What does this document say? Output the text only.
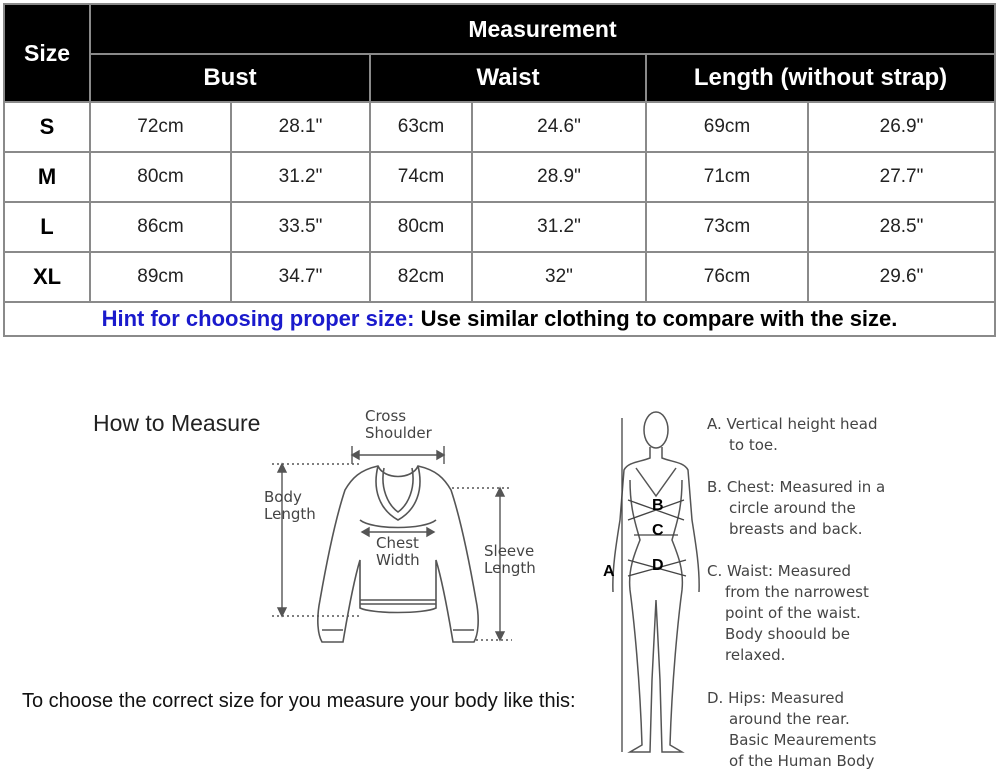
Size	Measurement					
	Bust		Waist		Length (without strap)	
S	72cm	28.1"	63cm	24.6"	69cm	26.9"
M	80cm	31.2"	74cm	28.9"	71cm	27.7"
L	86cm	33.5"	80cm	31.2"	73cm	28.5"
XL	89cm	34.7"	82cm	32"	76cm	29.6"
Hint for choosing proper size: Use similar clothing to compare with the size.						
How to Measure
To choose the correct size for you measure your body like this:
Cross
Shoulder
Body
Length
Chest
Width	Sleeve
Length	A
B
C
D
A. Vertical height head
to toe.
B. Chest: Measured in a
circle around the
breasts and back.
C. Waist: Measured
from the narrowest
point of the waist.
Body shoould be
relaxed.
D. Hips: Measured
around the rear.
Basic Meaurements
of the Human Body
